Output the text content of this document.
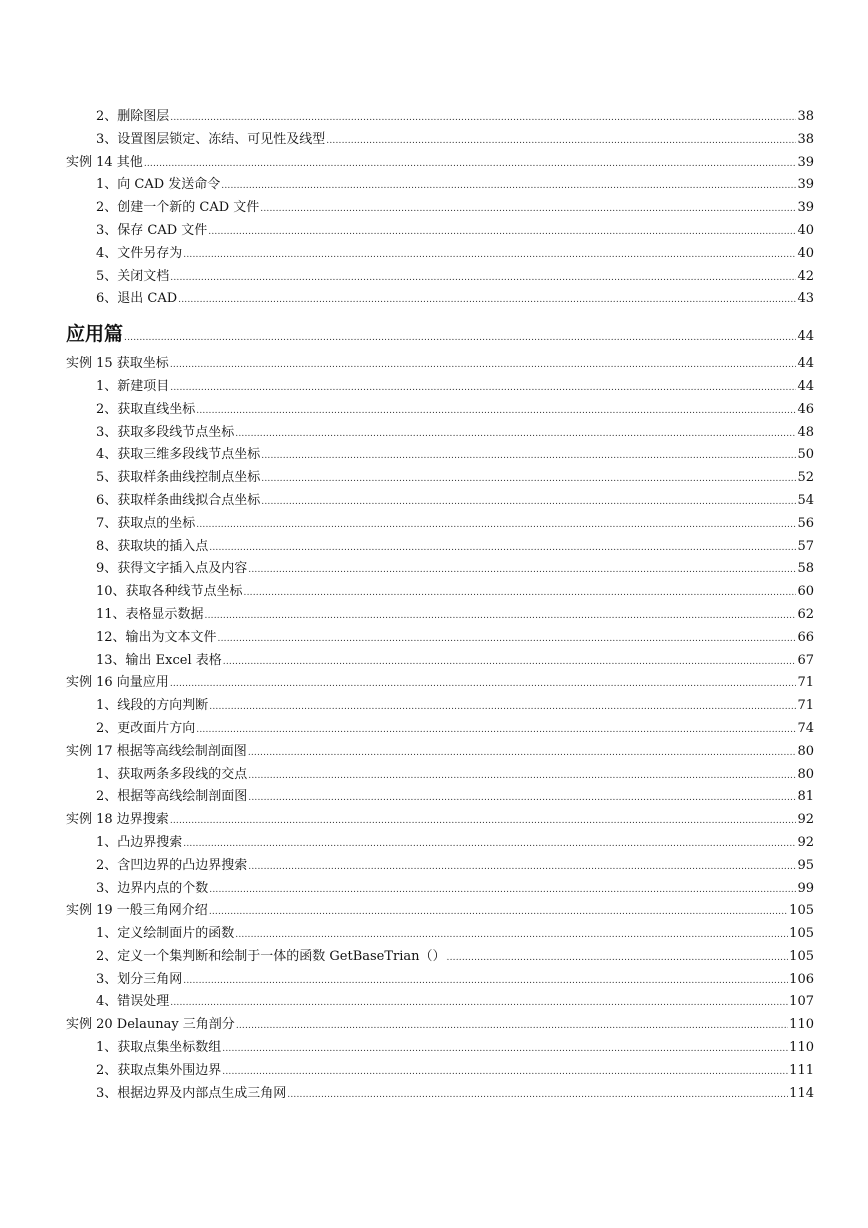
2、删除图层 .....	38
3、设置图层锁定、冻结、可见性及线型 .....	38
实例 14 其他 .....	39
1、向 CAD 发送命令 .....	39
2、创建一个新的 CAD 文件 .....	39
3、保存 CAD 文件 .....	40
4、文件另存为 .....	40
5、关闭文档 .....	42
6、退出 CAD .....	43
应用篇 .....	44
实例 15 获取坐标 .....	44
1、新建项目 .....	44
2、获取直线坐标 .....	46
3、获取多段线节点坐标 .....	48
4、获取三维多段线节点坐标 .....	50
5、获取样条曲线控制点坐标 .....	52
6、获取样条曲线拟合点坐标 .....	54
7、获取点的坐标 .....	56
8、获取块的插入点 .....	57
9、获得文字插入点及内容 .....	58
10、获取各种线节点坐标 .....	60
11、表格显示数据 .....	62
12、输出为文本文件 .....	66
13、输出 Excel 表格 .....	67
实例 16 向量应用 .....	71
1、线段的方向判断 .....	71
2、更改面片方向 .....	74
实例 17 根据等高线绘制剖面图 .....	80
1、获取两条多段线的交点 .....	80
2、根据等高线绘制剖面图 .....	81
实例 18 边界搜索 .....	92
1、凸边界搜索 .....	92
2、含凹边界的凸边界搜索 .....	95
3、边界内点的个数 .....	99
实例 19 一般三角网介绍 .....	105
1、定义绘制面片的函数 .....	105
2、定义一个集判断和绘制于一体的函数 GetBaseTrian（） .....	105
3、划分三角网 .....	106
4、错误处理 .....	107
实例 20 Delaunay 三角剖分 .....	110
1、获取点集坐标数组 .....	110
2、获取点集外围边界 .....	111
3、根据边界及内部点生成三角网 .....	114
